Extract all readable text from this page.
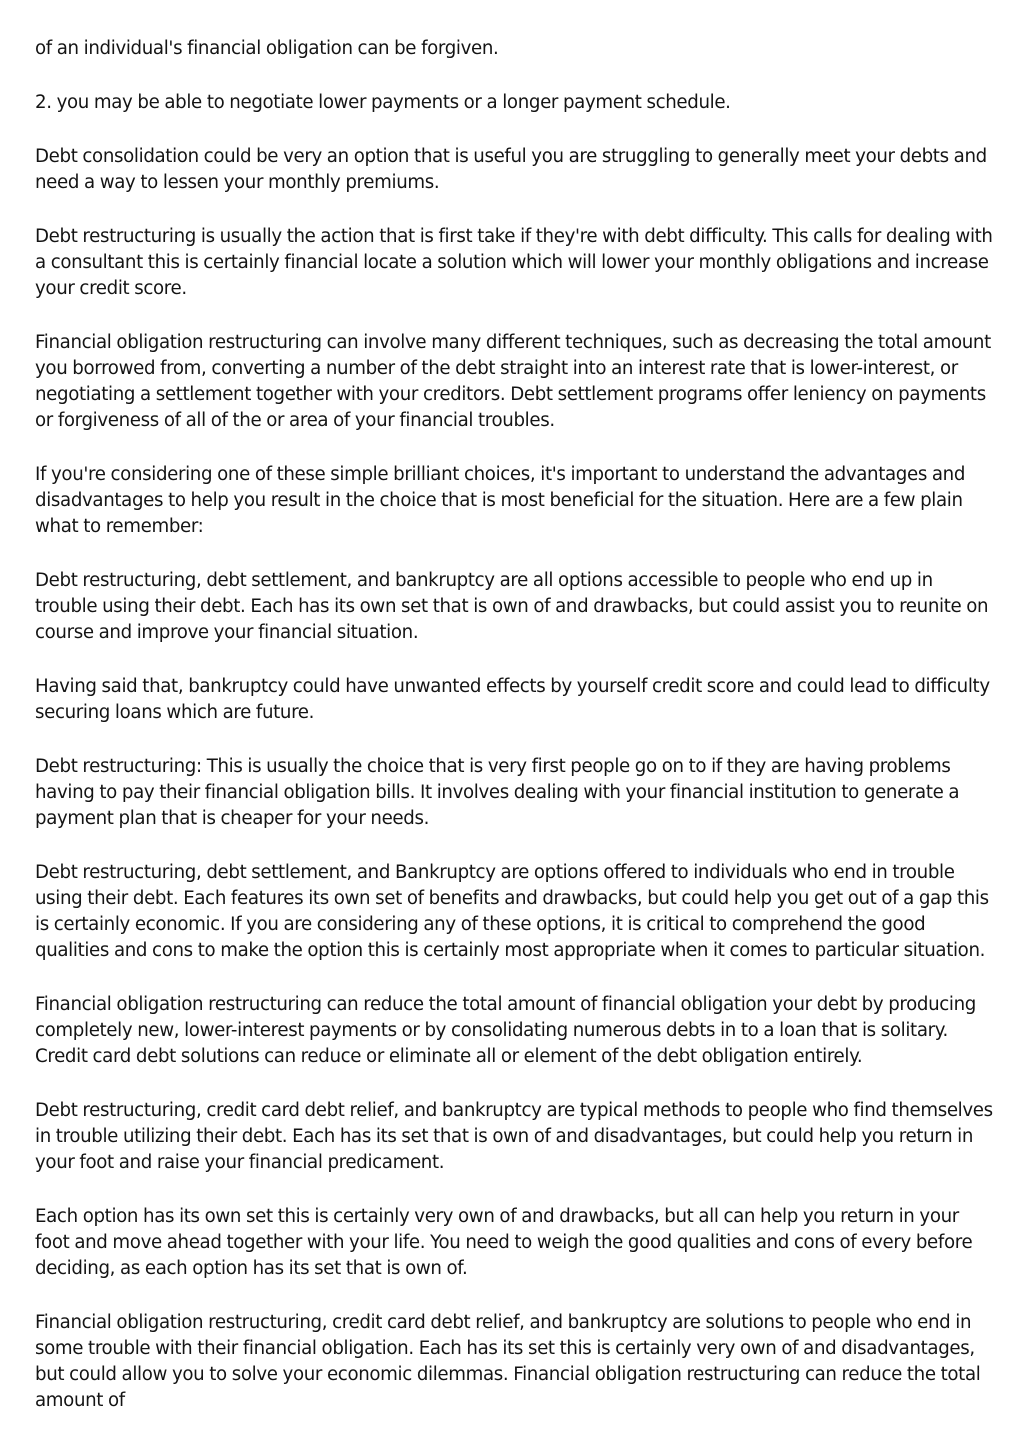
of an individual's financial obligation can be forgiven.

2. you may be able to negotiate lower payments or a longer payment schedule.

Debt consolidation could be very an option that is useful you are struggling to generally meet your debts and need a way to lessen your monthly premiums.

Debt restructuring is usually the action that is first take if they're with debt difficulty. This calls for dealing with a consultant this is certainly financial locate a solution which will lower your monthly obligations and increase your credit score.

Financial obligation restructuring can involve many different techniques, such as decreasing the total amount you borrowed from, converting a number of the debt straight into an interest rate that is lower-interest, or negotiating a settlement together with your creditors. Debt settlement programs offer leniency on payments or forgiveness of all of the or area of your financial troubles.

If you're considering one of these simple brilliant choices, it's important to understand the advantages and disadvantages to help you result in the choice that is most beneficial for the situation. Here are a few plain what to remember:

Debt restructuring, debt settlement, and bankruptcy are all options accessible to people who end up in trouble using their debt. Each has its own set that is own of and drawbacks, but could assist you to reunite on course and improve your financial situation.

Having said that, bankruptcy could have unwanted effects by yourself credit score and could lead to difficulty securing loans which are future.

Debt restructuring: This is usually the choice that is very first people go on to if they are having problems having to pay their financial obligation bills. It involves dealing with your financial institution to generate a payment plan that is cheaper for your needs.

Debt restructuring, debt settlement, and Bankruptcy are options offered to individuals who end in trouble using their debt. Each features its own set of benefits and drawbacks, but could help you get out of a gap this is certainly economic. If you are considering any of these options, it is critical to comprehend the good qualities and cons to make the option this is certainly most appropriate when it comes to particular situation.

Financial obligation restructuring can reduce the total amount of financial obligation your debt by producing completely new, lower-interest payments or by consolidating numerous debts in to a loan that is solitary. Credit card debt solutions can reduce or eliminate all or element of the debt obligation entirely.

Debt restructuring, credit card debt relief, and bankruptcy are typical methods to people who find themselves in trouble utilizing their debt. Each has its set that is own of and disadvantages, but could help you return in your foot and raise your financial predicament.

Each option has its own set this is certainly very own of and drawbacks, but all can help you return in your foot and move ahead together with your life. You need to weigh the good qualities and cons of every before deciding, as each option has its set that is own of.

Financial obligation restructuring, credit card debt relief, and bankruptcy are solutions to people who end in some trouble with their financial obligation. Each has its set this is certainly very own of and disadvantages, but could allow you to solve your economic dilemmas. Financial obligation restructuring can reduce the total amount of
